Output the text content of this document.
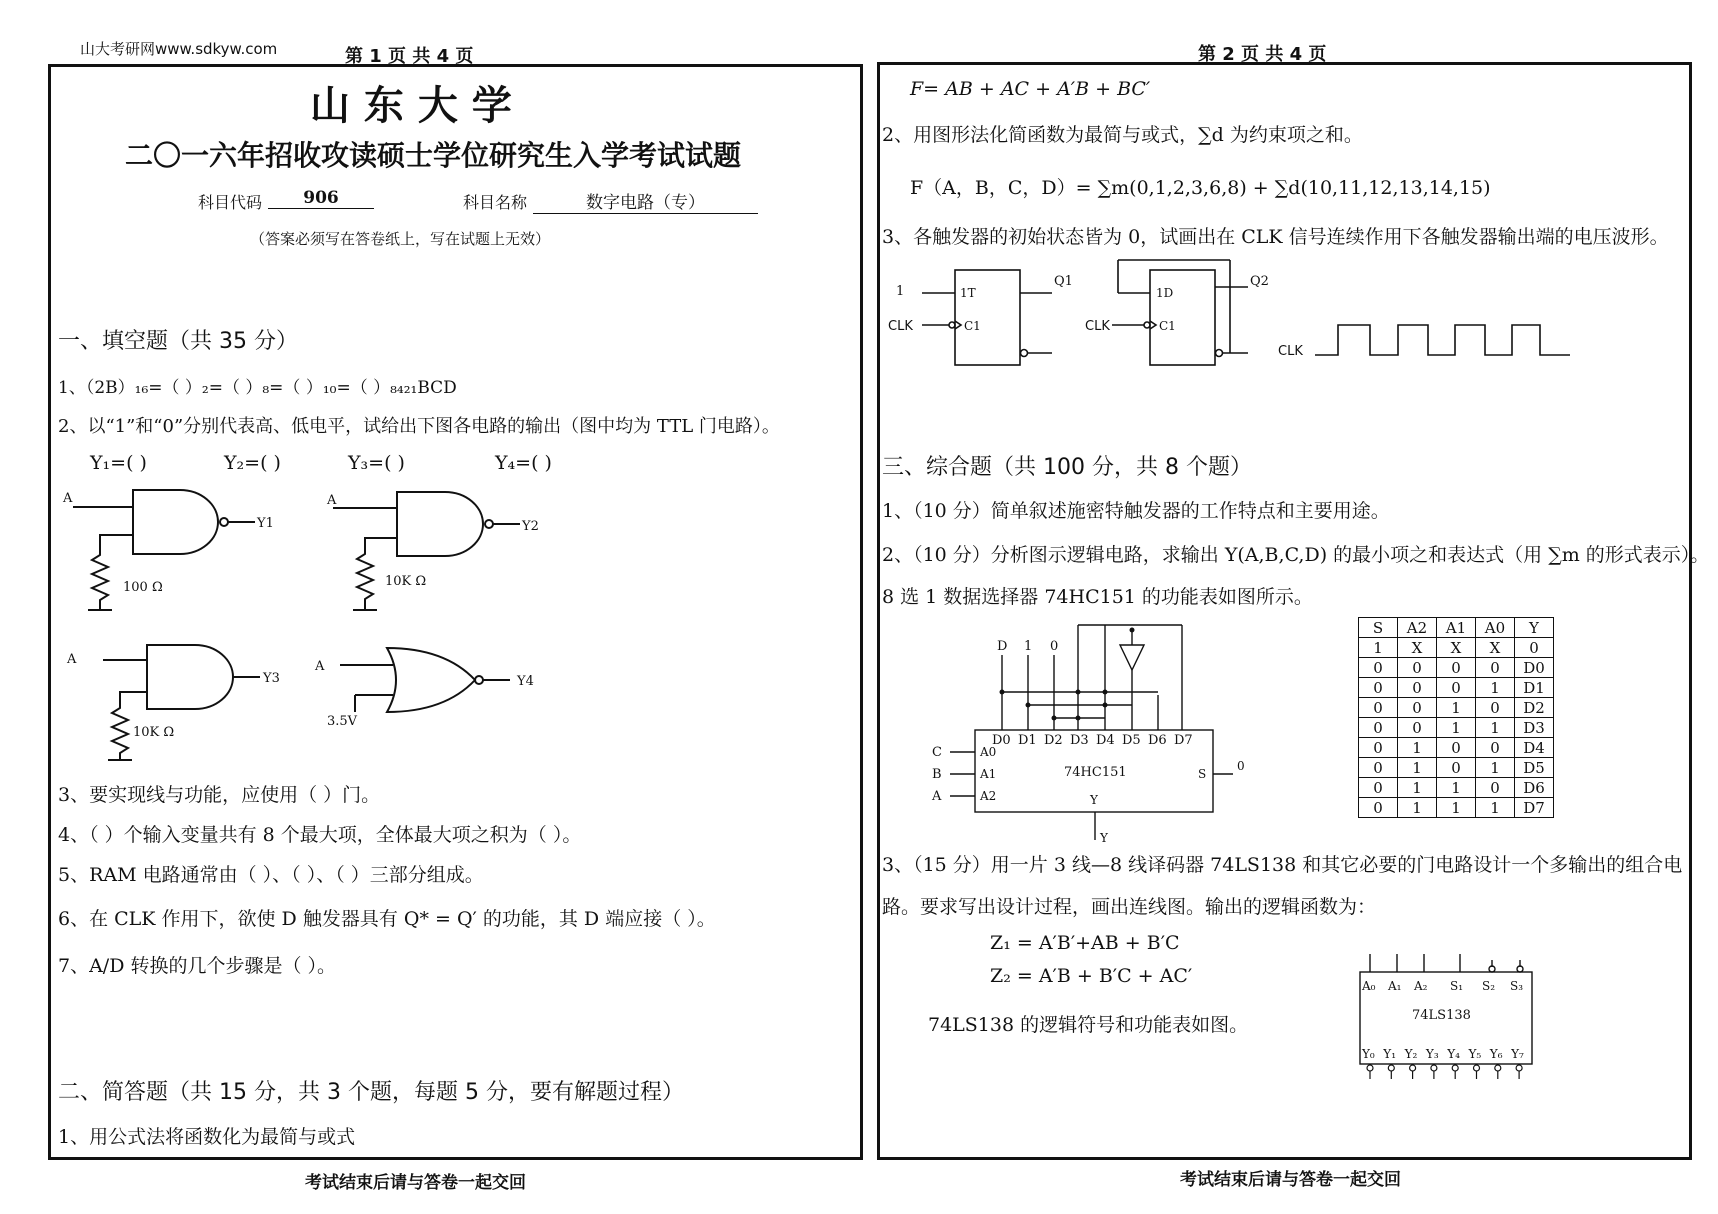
山大考研网www.sdkyw.com	第 1 页 共 4 页	第 2 页 共 4 页
山 东 大 学
二〇一六年招收攻读硕士学位研究生入学考试试题
科目代码	906	科目名称	数字电路（专）
（答案必须写在答卷纸上，写在试题上无效）
一、填空题（共 35 分）
1、（2B）₁₆=（ ）₂=（ ）₈=（ ）₁₀=（ ）₈₄₂₁BCD
2、以“1”和“0”分别代表高、低电平，试给出下图各电路的输出（图中均为 TTL 门电路）。
Y₁=( )	Y₂=( )	Y₃=( )	Y₄=( )
A
Y1
100 Ω
A
Y2
10K Ω
A
Y3
10K Ω
A
Y4
3.5V
3、要实现线与功能，应使用（ ）门。
4、（ ）个输入变量共有 8 个最大项，全体最大项之积为（ ）。
5、RAM 电路通常由（ ）、（ ）、（ ）三部分组成。
6、在 CLK 作用下，欲使 D 触发器具有 Q* = Q′ 的功能，其 D 端应接（ ）。
7、A/D 转换的几个步骤是（ ）。
二、简答题（共 15 分，共 3 个题，每题 5 分，要有解题过程）
1、用公式法将函数化为最简与或式
考试结束后请与答卷一起交回
F= AB + AC + A′B + BC′
2、用图形法化简函数为最简与或式，∑d 为约束项之和。
F（A，B，C，D）= ∑m(0,1,2,3,6,8) + ∑d(10,11,12,13,14,15)
3、各触发器的初始状态皆为 0，试画出在 CLK 信号连续作用下各触发器输出端的电压波形。
1	1T
C1
CLK
Q1
1D
C1
CLK
Q2
CLK
三、综合题（共 100 分，共 8 个题）
1、（10 分）简单叙述施密特触发器的工作特点和主要用途。
2、（10 分）分析图示逻辑电路，求输出 Y(A,B,C,D) 的最小项之和表达式（用 ∑m 的形式表示）。
8 选 1 数据选择器 74HC151 的功能表如图所示。
D 1 0
D0 D1 D2 D3 D4 D5 D6 D7
C
B
A
A0
A1
A2
74HC151	S
0
Y
Y
S	A2	A1	A0	Y
1	X	X	X	0
0	0	0	0	D0
0	0	0	1	D1
0	0	1	0	D2
0	0	1	1	D3
0	1	0	0	D4
0	1	0	1	D5
0	1	1	0	D6
0	1	1	1	D7
3、（15 分）用一片 3 线—8 线译码器 74LS138 和其它必要的门电路设计一个多输出的组合电
路。要求写出设计过程，画出连线图。输出的逻辑函数为：
Z₁ = A′B′+AB + B′C
Z₂ = A′B + B′C + AC′
74LS138 的逻辑符号和功能表如图。
A₀ A₁ A₂ S₁ S₂ S₃
74LS138
Y₀ Y₁ Y₂ Y₃ Y₄ Y₅ Y₆ Y₇
考试结束后请与答卷一起交回
